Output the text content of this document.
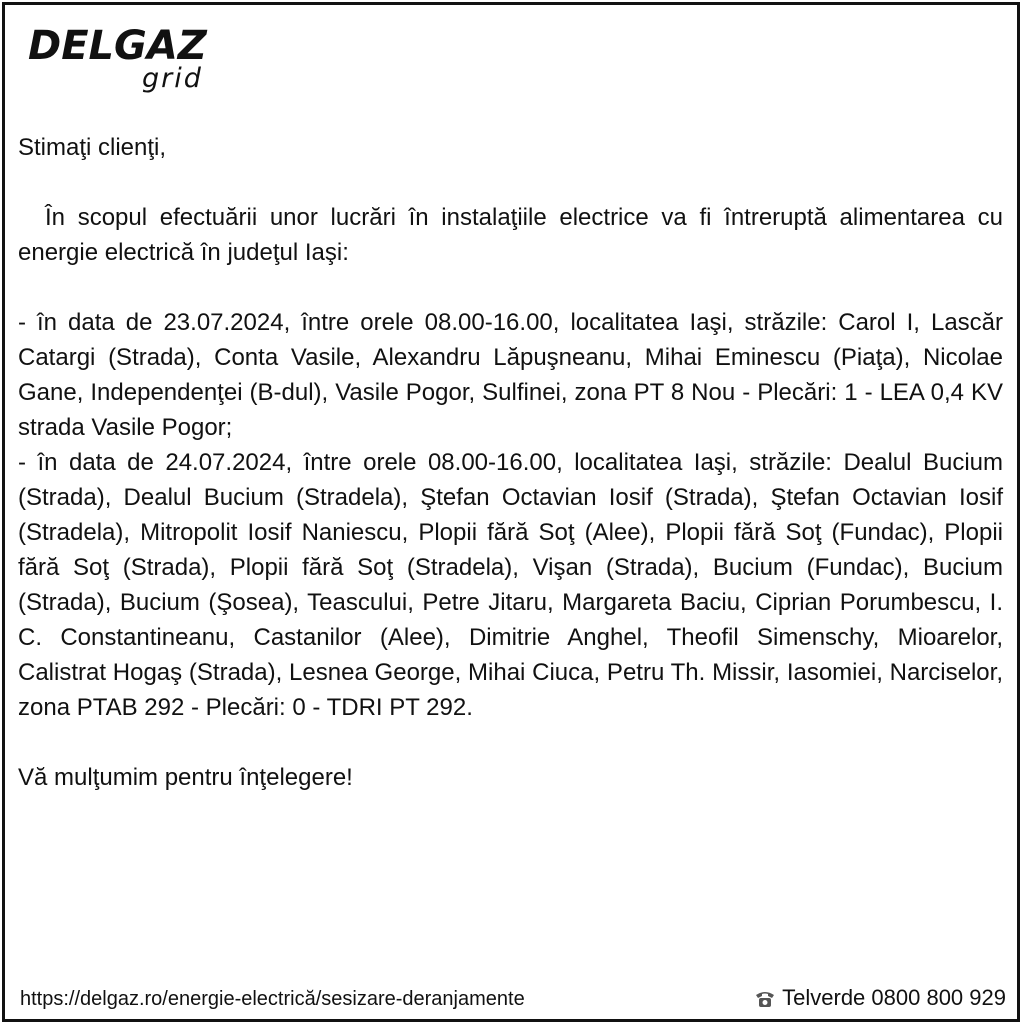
DELGAZ
grid

Stimaţi clienţi,

În scopul efectuării unor lucrări în instalaţiile electrice va fi întreruptă alimentarea cu energie electrică în judeţul Iaşi:

- în data de 23.07.2024, între orele 08.00-16.00, localitatea Iaşi, străzile: Carol I, Lascăr Catargi (Strada), Conta Vasile, Alexandru Lăpuşneanu, Mihai Eminescu (Piaţa), Nicolae Gane, Independenţei (B-dul), Vasile Pogor, Sulfinei, zona PT 8 Nou - Plecări: 1 - LEA 0,4 KV strada Vasile Pogor;

- în data de 24.07.2024, între orele 08.00-16.00, localitatea Iaşi, străzile: Dealul Bucium (Strada), Dealul Bucium (Stradela), Ştefan Octavian Iosif (Strada), Ştefan Octavian Iosif (Stradela), Mitropolit Iosif Naniescu, Plopii fără Soţ (Alee), Plopii fără Soţ (Fundac), Plopii fără Soţ (Strada), Plopii fără Soţ (Stradela), Vişan (Strada), Bucium (Fundac), Bucium (Strada), Bucium (Şosea), Teascului, Petre Jitaru, Margareta Baciu, Ciprian Porumbescu, I. C. Constantineanu, Castanilor (Alee), Dimitrie Anghel, Theofil Simenschy, Mioarelor, Calistrat Hogaş (Strada), Lesnea George, Mihai Ciuca, Petru Th. Missir, Iasomiei, Narciselor, zona PTAB 292 - Plecări: 0 - TDRI PT 292.

Vă mulţumim pentru înţelegere!

https://delgaz.ro/energie-electrică/sesizare-deranjamente	Telverde 0800 800 929
